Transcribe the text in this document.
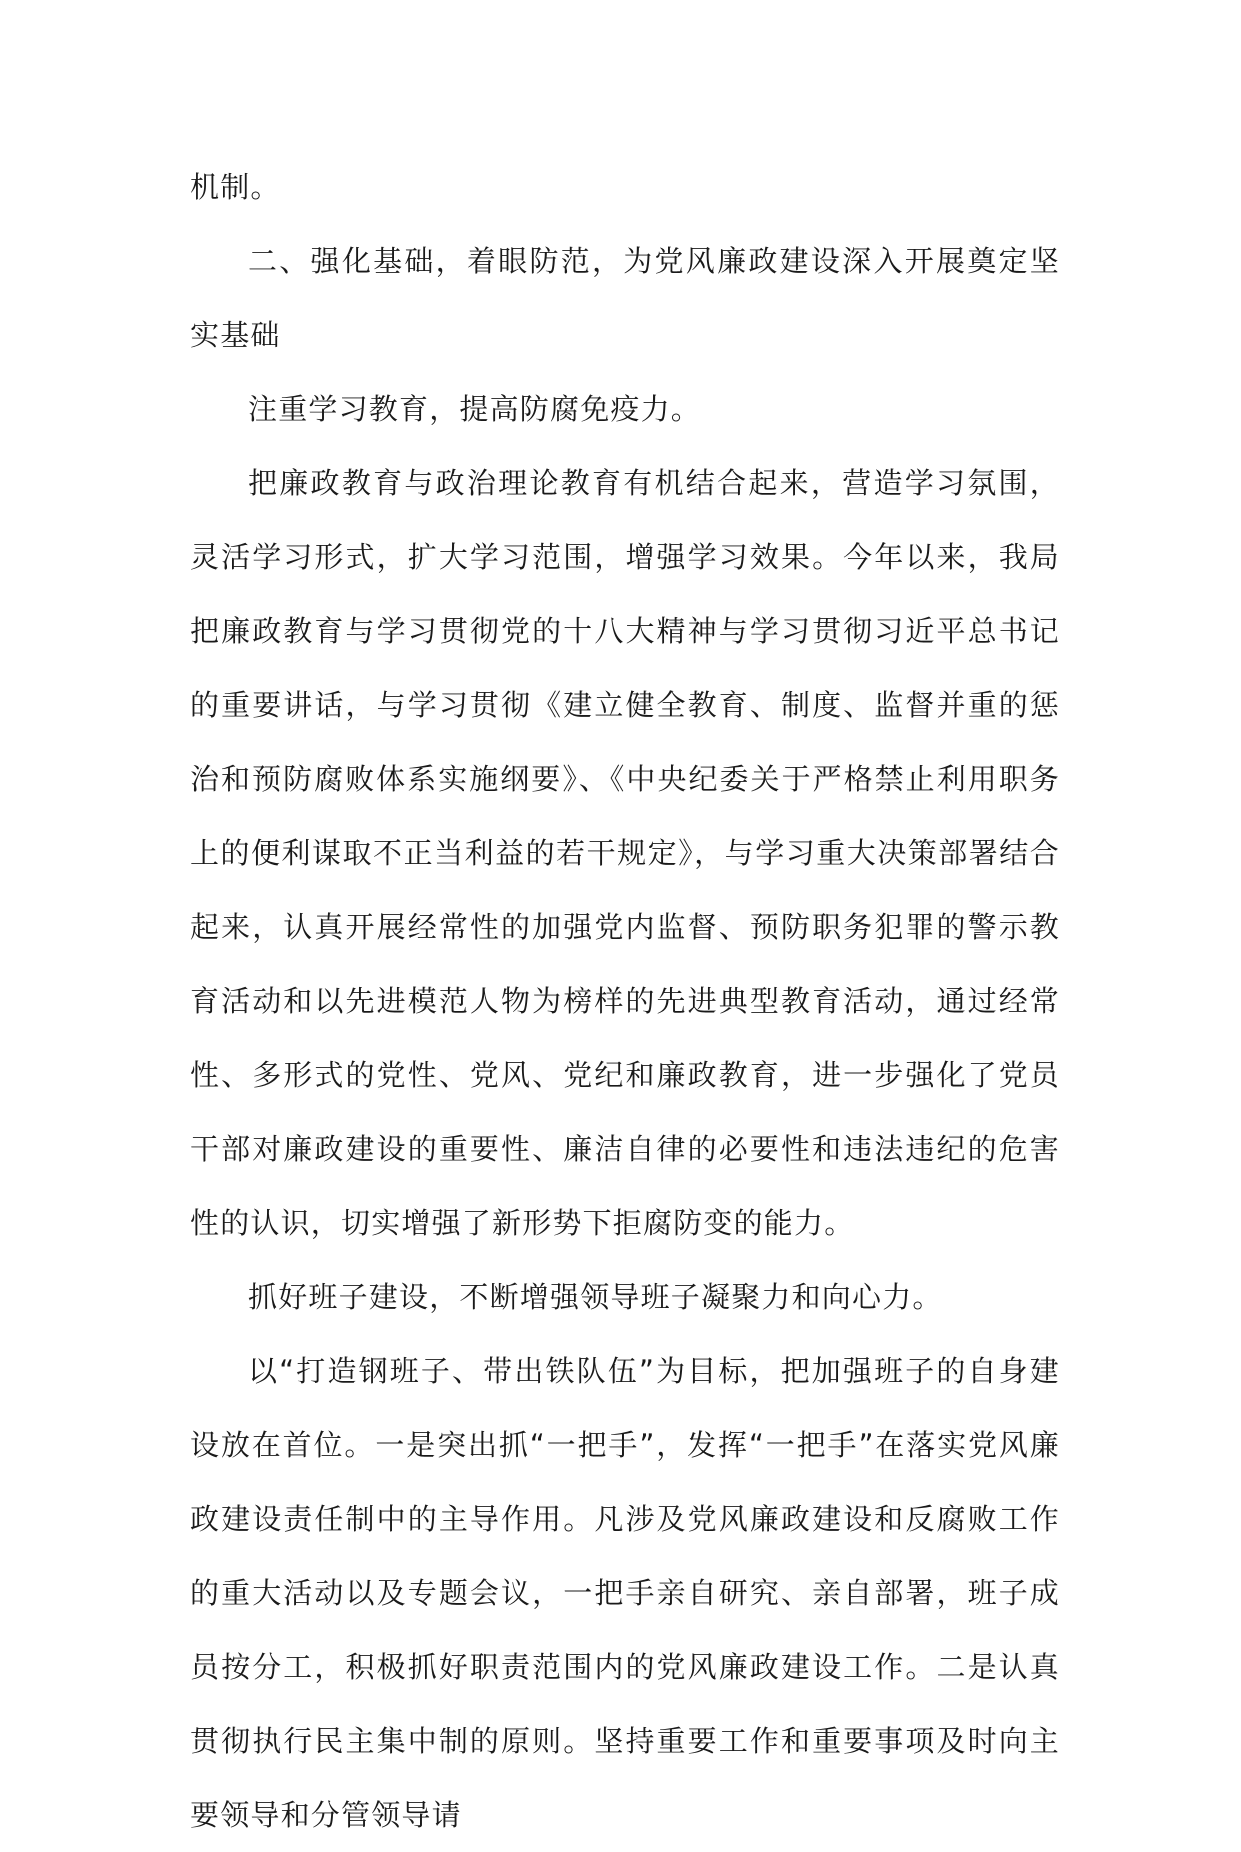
机制。

二、强化基础，着眼防范，为党风廉政建设深入开展奠定坚实基础

注重学习教育，提高防腐免疫力。

把廉政教育与政治理论教育有机结合起来，营造学习氛围，灵活学习形式，扩大学习范围，增强学习效果。今年以来，我局把廉政教育与学习贯彻党的十八大精神与学习贯彻习近平总书记的重要讲话，与学习贯彻《建立健全教育、制度、监督并重的惩治和预防腐败体系实施纲要》、《中央纪委关于严格禁止利用职务上的便利谋取不正当利益的若干规定》，与学习重大决策部署结合起来，认真开展经常性的加强党内监督、预防职务犯罪的警示教育活动和以先进模范人物为榜样的先进典型教育活动，通过经常性、多形式的党性、党风、党纪和廉政教育，进一步强化了党员干部对廉政建设的重要性、廉洁自律的必要性和违法违纪的危害性的认识，切实增强了新形势下拒腐防变的能力。

抓好班子建设，不断增强领导班子凝聚力和向心力。

以“打造钢班子、带出铁队伍”为目标，把加强班子的自身建设放在首位。一是突出抓“一把手”，发挥“一把手”在落实党风廉政建设责任制中的主导作用。凡涉及党风廉政建设和反腐败工作的重大活动以及专题会议，一把手亲自研究、亲自部署，班子成员按分工，积极抓好职责范围内的党风廉政建设工作。二是认真贯彻执行民主集中制的原则。坚持重要工作和重要事项及时向主要领导和分管领导请
